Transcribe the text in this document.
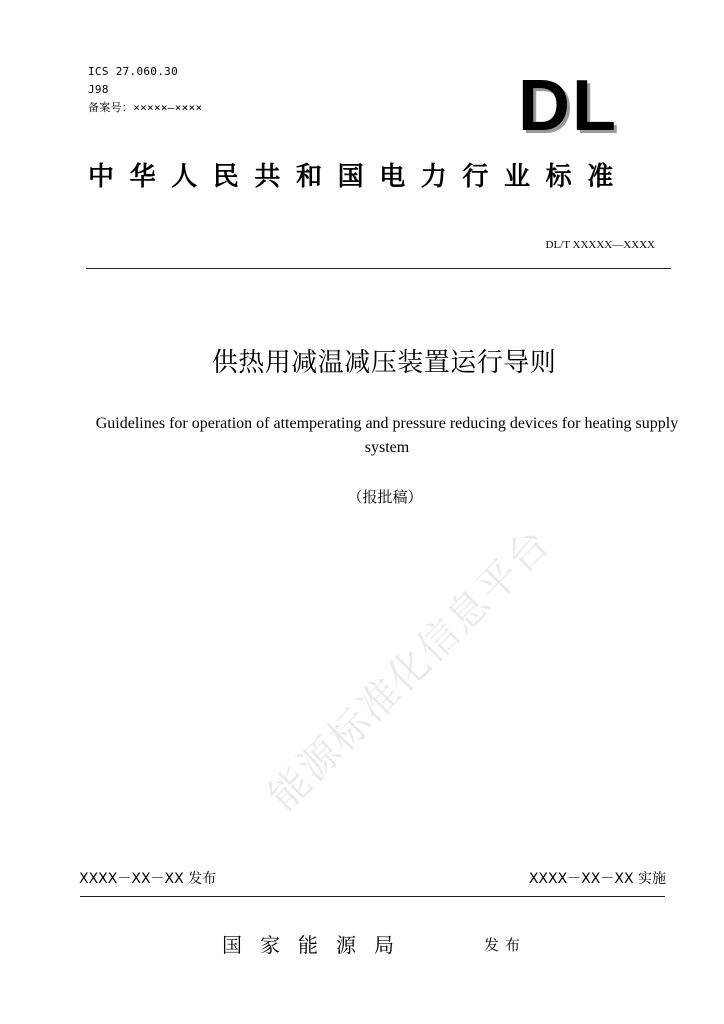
ICS 27.060.30
J98
备案号：×××××—××××	DL
中华人民共和国电力行业标准
DL/T XXXXX—XXXX
能源标准化信息平台
供热用减温减压装置运行导则
Guidelines for operation of attemperating and pressure reducing devices for heating supply system
（报批稿）
XXXX－XX－XX 发布	XXXX－XX－XX 实施
国家能源局	发布
